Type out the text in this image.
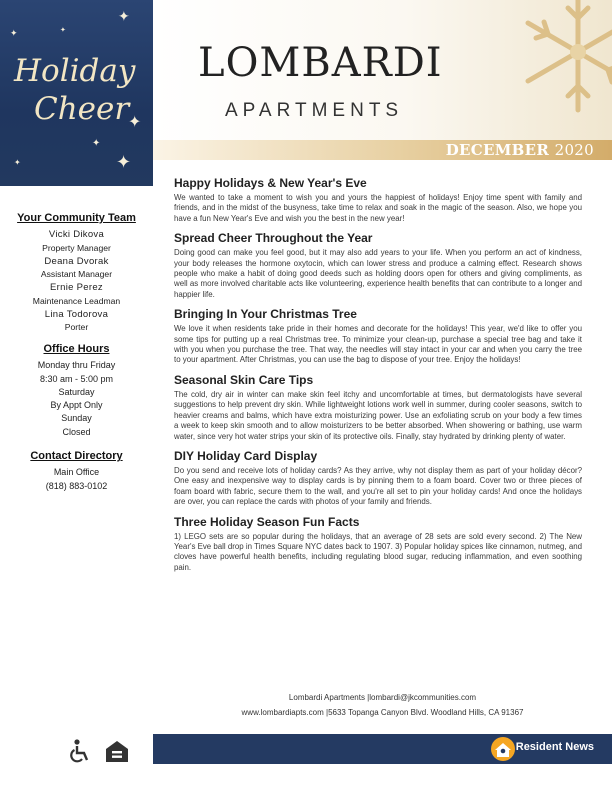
✦
✦
✦
✦
✦
✦
✦
Holiday
Cheer
Your Community Team
Vicki Dikova
Property Manager
Deana Dvorak
Assistant Manager
Ernie Perez
Maintenance Leadman
Lina Todorova
Porter
Office Hours
Monday thru Friday
8:30 am - 5:00 pm
Saturday
By Appt Only
Sunday
Closed
Contact Directory
Main Office
(818) 883-0102
LOMBARDI
APARTMENTS
DECEMBER 2020
Happy Holidays & New Year's Eve

We wanted to take a moment to wish you and yours the happiest of holidays! Enjoy time spent with family and friends, and in the midst of the busyness, take time to relax and soak in the magic of the season. Also, we hope you have a fun New Year's Eve and wish you the best in the new year!

Spread Cheer Throughout the Year

Doing good can make you feel good, but it may also add years to your life. When you perform an act of kindness, your body releases the hormone oxytocin, which can lower stress and produce a calming effect. Research shows people who make a habit of doing good deeds such as holding doors open for others and giving compliments, as well as more involved charitable acts like volunteering, experience health benefits that can contribute to a longer and happier life.

Bringing In Your Christmas Tree

We love it when residents take pride in their homes and decorate for the holidays! This year, we'd like to offer you some tips for putting up a real Christmas tree. To minimize your clean-up, purchase a special tree bag and take it with you when you purchase the tree. That way, the needles will stay intact in your car and when you carry the tree to your apartment. After Christmas, you can use the bag to dispose of your tree. Enjoy the holidays!

Seasonal Skin Care Tips

The cold, dry air in winter can make skin feel itchy and uncomfortable at times, but dermatologists have several suggestions to help prevent dry skin. While lightweight lotions work well in summer, during cooler seasons, switch to heavier creams and balms, which have extra moisturizing power. Use an exfoliating scrub on your body a few times a week to keep skin smooth and to allow moisturizers to be better absorbed. When showering or bathing, use warm water, since very hot water strips your skin of its protective oils. Finally, stay hydrated by drinking plenty of water.

DIY Holiday Card Display

Do you send and receive lots of holiday cards? As they arrive, why not display them as part of your holiday décor? One easy and inexpensive way to display cards is by pinning them to a foam board. Cover two or three pieces of foam board with fabric, secure them to the wall, and you're all set to pin your holiday cards! And once the holidays are over, you can replace the cards with photos of your family and friends.

Three Holiday Season Fun Facts

1) LEGO sets are so popular during the holidays, that an average of 28 sets are sold every second. 2) The New Year's Eve ball drop in Times Square NYC dates back to 1907. 3) Popular holiday spices like cinnamon, nutmeg, and cloves have powerful health benefits, including regulating blood sugar, reducing inflammation, and even soothing pain.

Lombardi Apartments |lombardi@jkcommunities.com
www.lombardiapts.com |5633 Topanga Canyon Blvd. Woodland Hills, CA 91367
Resident News
